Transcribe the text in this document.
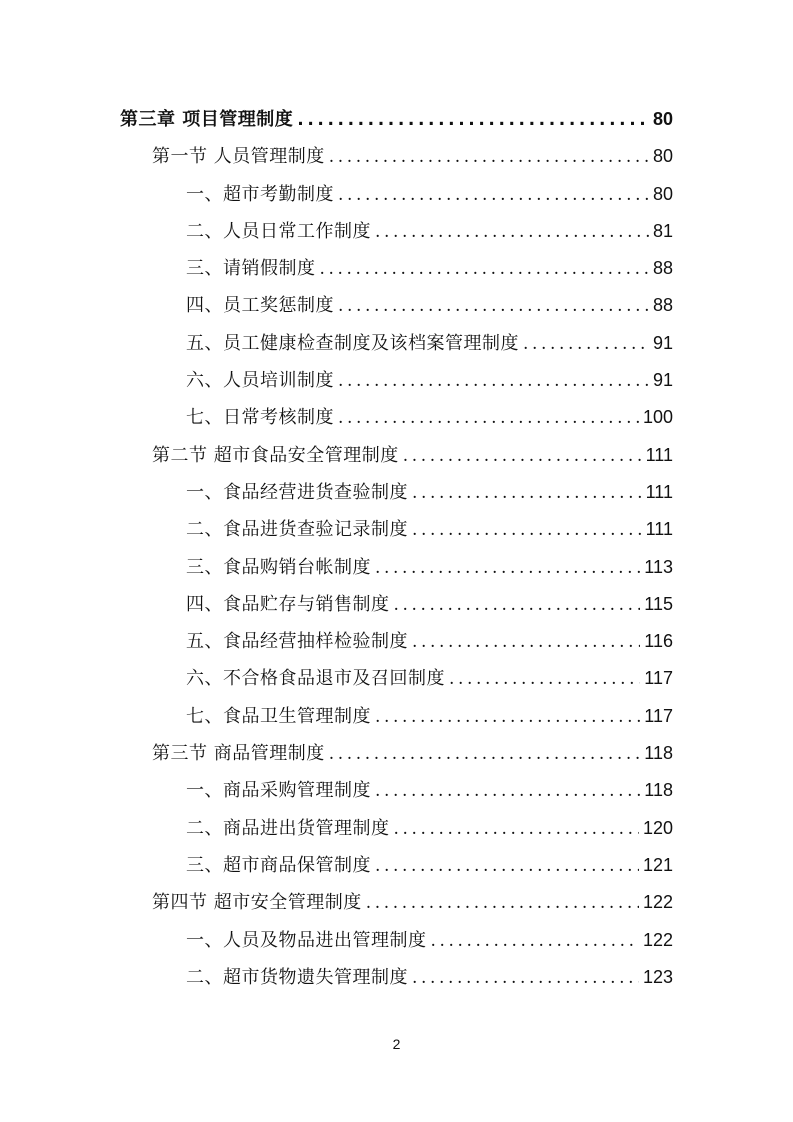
第三章 项目管理制度 .....	80
第一节 人员管理制度 .....	80
一、超市考勤制度 .....	80
二、人员日常工作制度 .....	81
三、请销假制度 .....	88
四、员工奖惩制度 .....	88
五、员工健康检查制度及该档案管理制度 .....	91
六、人员培训制度 .....	91
七、日常考核制度 .....	100
第二节 超市食品安全管理制度 .....	111
一、食品经营进货查验制度 .....	111
二、食品进货查验记录制度 .....	111
三、食品购销台帐制度 .....	113
四、食品贮存与销售制度 .....	115
五、食品经营抽样检验制度 .....	116
六、不合格食品退市及召回制度 .....	117
七、食品卫生管理制度 .....	117
第三节 商品管理制度 .....	118
一、商品采购管理制度 .....	118
二、商品进出货管理制度 .....	120
三、超市商品保管制度 .....	121
第四节 超市安全管理制度 .....	122
一、人员及物品进出管理制度 .....	122
二、超市货物遗失管理制度 .....	123
2
